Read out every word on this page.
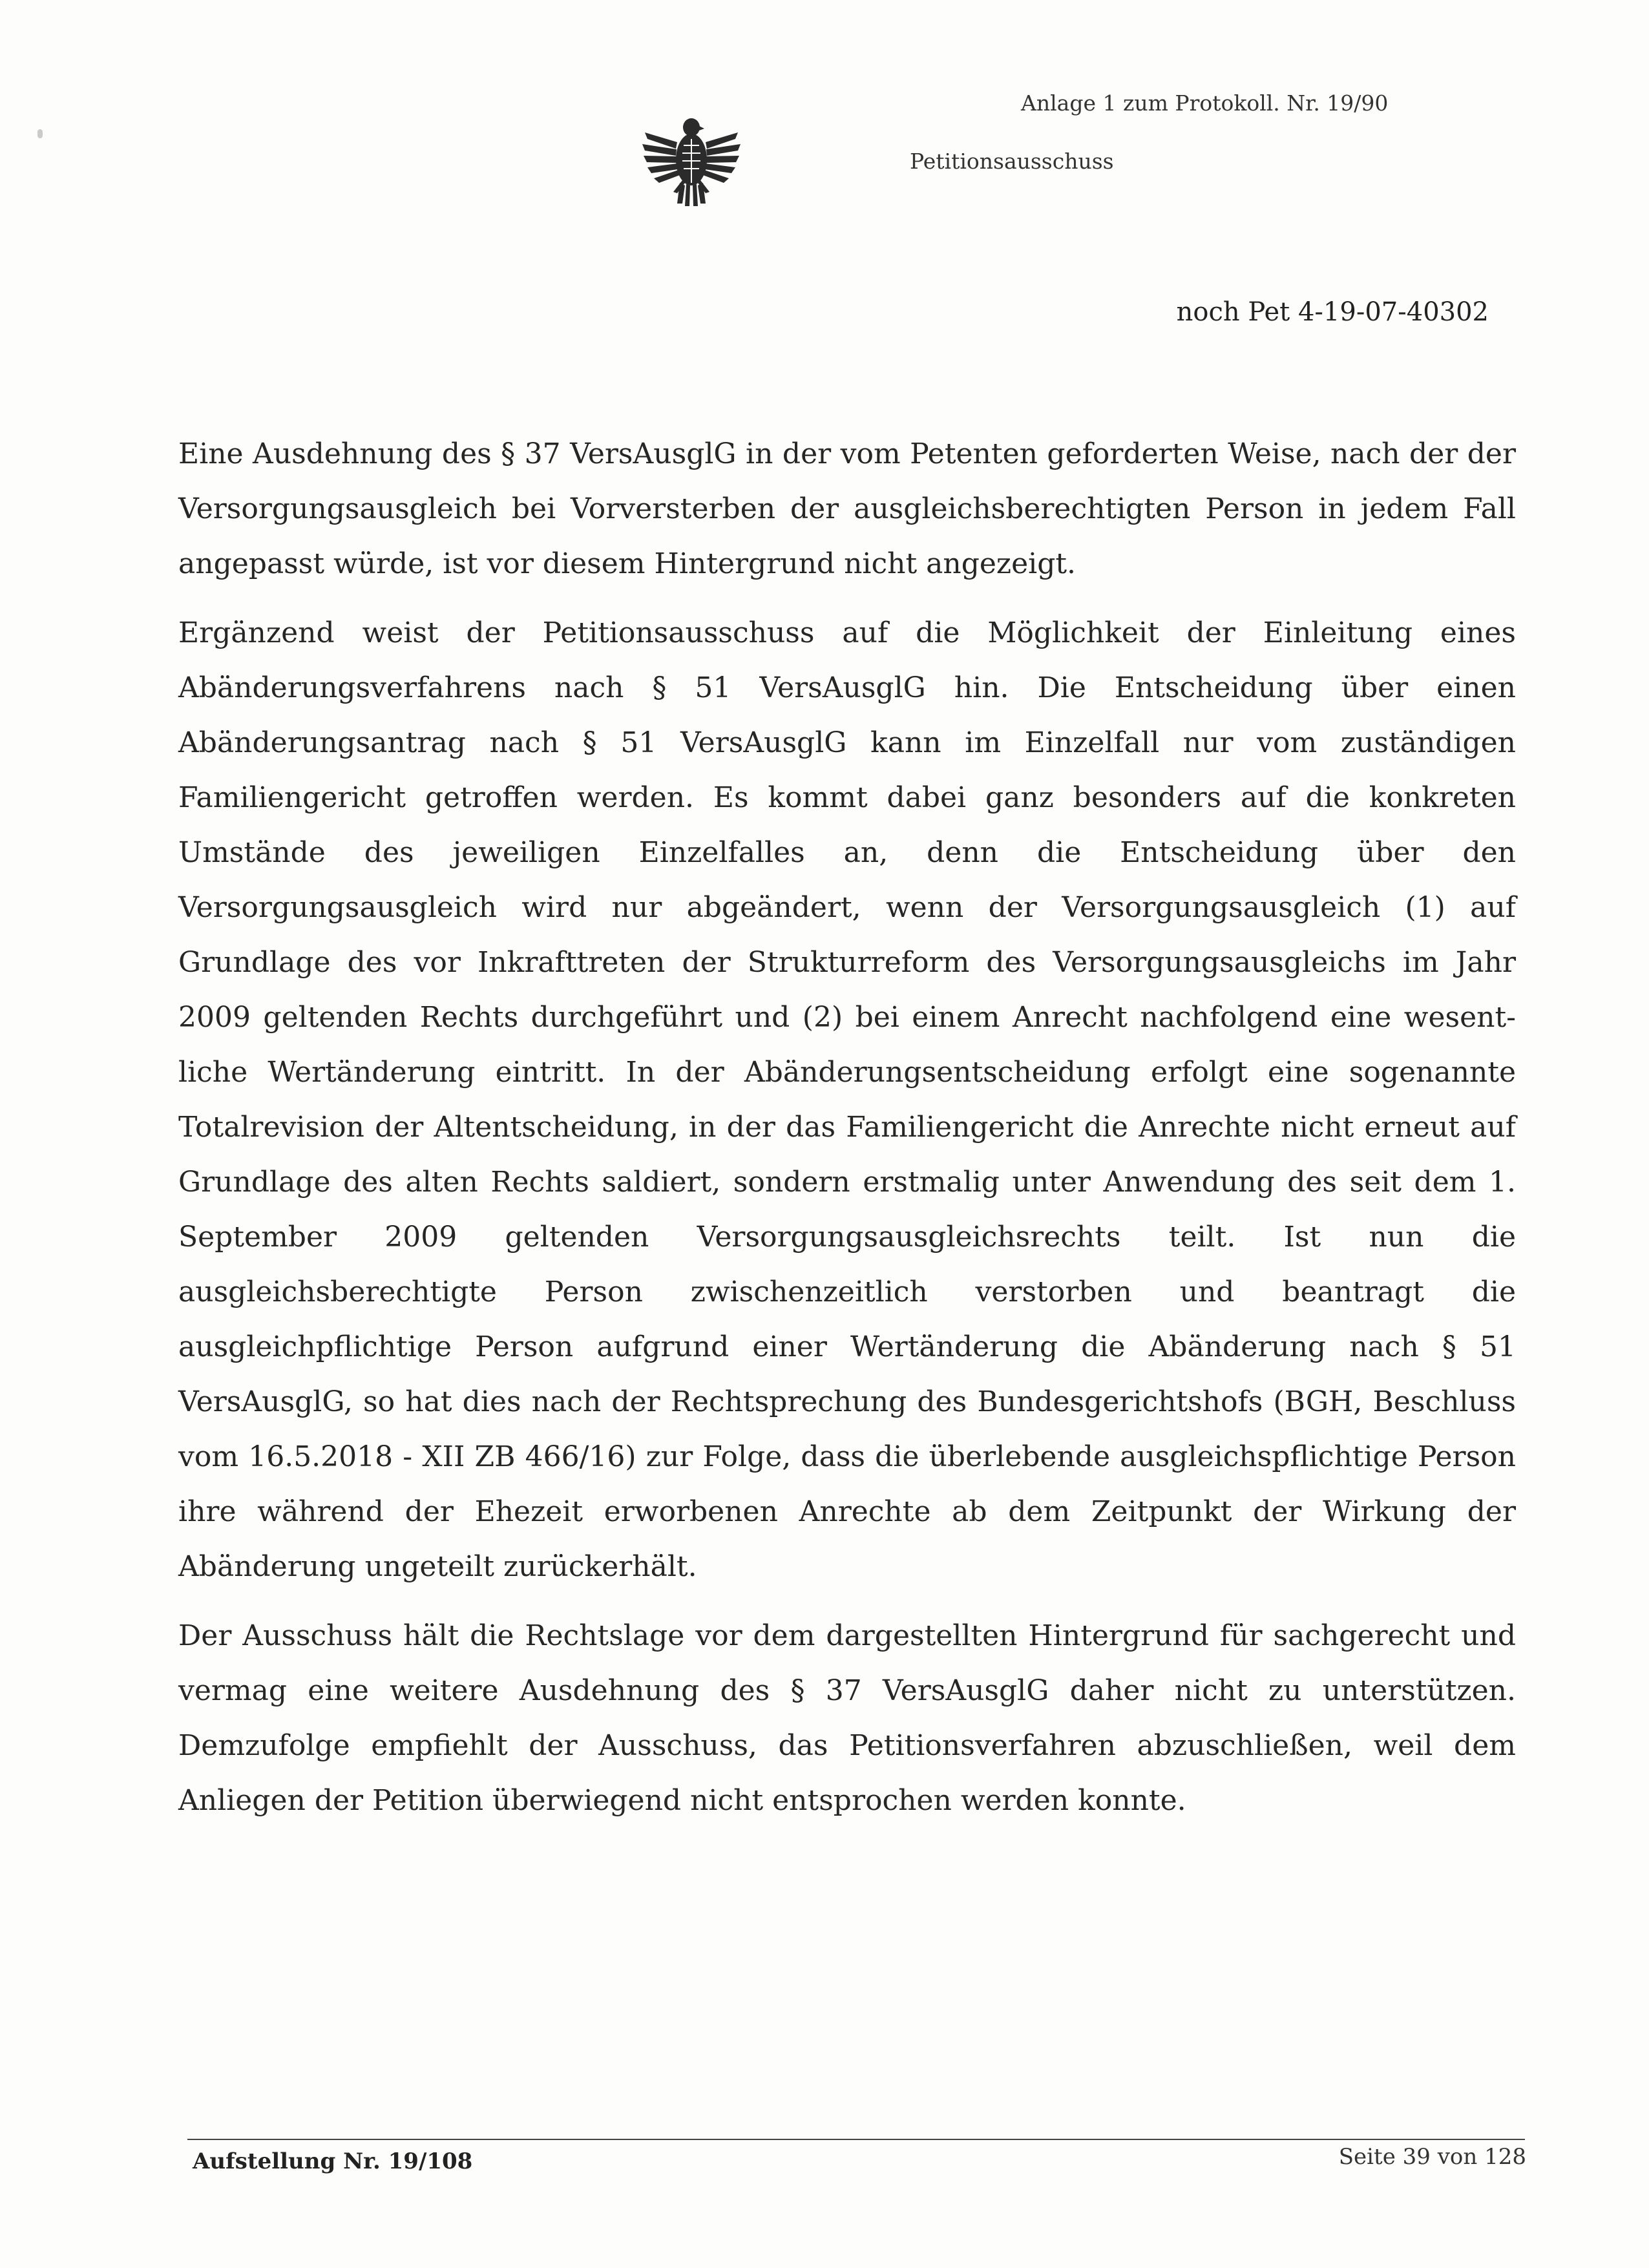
Anlage 1 zum Protokoll. Nr. 19/90
Petitionsausschuss
noch Pet 4-19-07-40302

Eine Ausdehnung des § 37 VersAusglG in der vom Petenten geforderten Weise, nach der der Versorgungsausgleich bei Vorversterben der ausgleichsberechtigten Person in jedem Fall angepasst würde, ist vor diesem Hintergrund nicht angezeigt.

Ergänzend weist der Petitionsausschuss auf die Möglichkeit der Einleitung eines Abänderungsverfahrens nach § 51 VersAusglG hin. Die Entscheidung über einen Abänderungsantrag nach § 51 VersAusglG kann im Einzelfall nur vom zuständigen Familiengericht getroffen werden. Es kommt dabei ganz besonders auf die konkreten Umstände des jeweiligen Einzelfalles an, denn die Entscheidung über den Versorgungsausgleich wird nur abgeändert, wenn der Versorgungsausgleich (1) auf Grundlage des vor Inkrafttreten der Strukturreform des Versorgungsausgleichs im Jahr 2009 geltenden Rechts durchgeführt und (2) bei einem Anrecht nachfolgend eine wesentliche Wertänderung eintritt. In der Abänderungsentscheidung erfolgt eine sogenannte Totalrevision der Altentscheidung, in der das Familiengericht die Anrechte nicht erneut auf Grundlage des alten Rechts saldiert, sondern erstmalig unter Anwendung des seit dem 1. September 2009 geltenden Versorgungsausgleichsrechts teilt. Ist nun die ausgleichsberechtigte Person zwischenzeitlich verstorben und beantragt die ausgleichpflichtige Person aufgrund einer Wertänderung die Abänderung nach § 51 VersAusglG, so hat dies nach der Rechtsprechung des Bundesgerichtshofs (BGH, Beschluss vom 16.5.2018 - XII ZB 466/16) zur Folge, dass die überlebende ausgleichspflichtige Person ihre während der Ehezeit erworbenen Anrechte ab dem Zeitpunkt der Wirkung der Abänderung ungeteilt zurückerhält.

Der Ausschuss hält die Rechtslage vor dem dargestellten Hintergrund für sachgerecht und vermag eine weitere Ausdehnung des § 37 VersAusglG daher nicht zu unterstützen. Demzufolge empfiehlt der Ausschuss, das Petitionsverfahren abzuschließen, weil dem Anliegen der Petition überwiegend nicht entsprochen werden konnte.

Aufstellung Nr. 19/108	Seite 39 von 128
